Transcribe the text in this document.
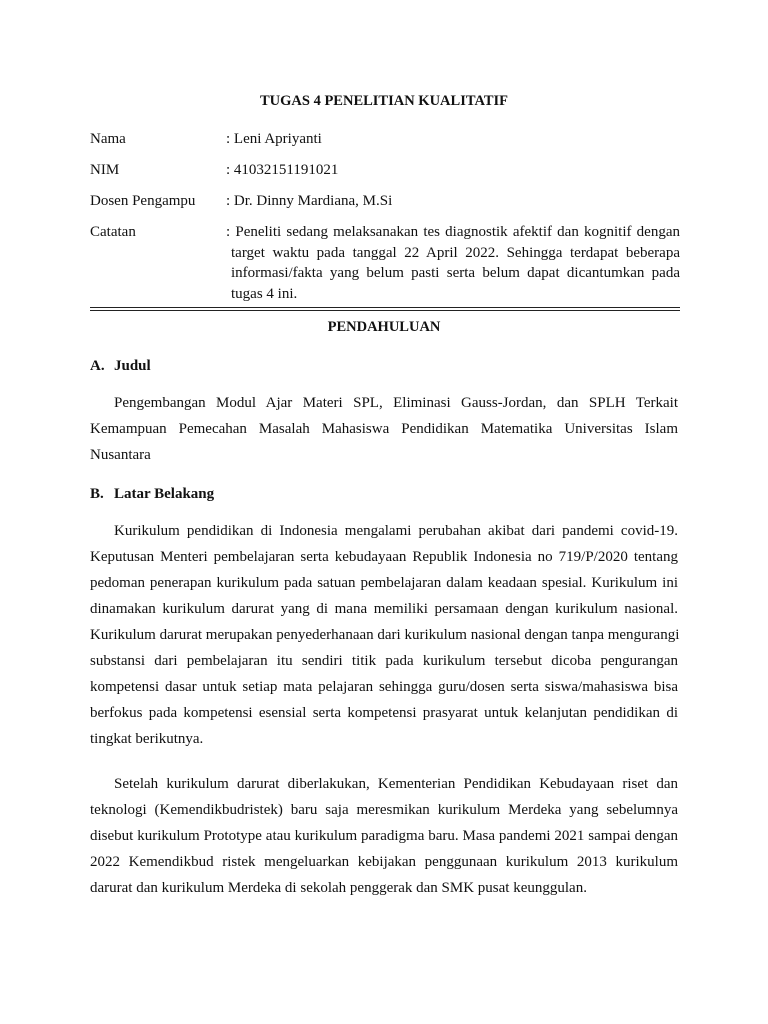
TUGAS 4 PENELITIAN KUALITATIF
Nama	: Leni Apriyanti
NIM	: 41032151191021
Dosen Pengampu : Dr. Dinny Mardiana, M.Si
Catatan	: Peneliti sedang melaksanakan tes diagnostik afektif dan kognitif dengan
target waktu pada tanggal 22 April 2022. Sehingga terdapat beberapa
informasi/fakta yang belum pasti serta belum dapat dicantumkan pada
tugas 4 ini.
PENDAHULUAN
A. Judul
Pengembangan Modul Ajar Materi SPL, Eliminasi Gauss-Jordan, dan SPLH Terkait
Kemampuan Pemecahan Masalah Mahasiswa Pendidikan Matematika Universitas Islam
Nusantara
B. Latar Belakang
Kurikulum pendidikan di Indonesia mengalami perubahan akibat dari pandemi covid-19.
Keputusan Menteri pembelajaran serta kebudayaan Republik Indonesia no 719/P/2020 tentang
pedoman penerapan kurikulum pada satuan pembelajaran dalam keadaan spesial. Kurikulum ini
dinamakan kurikulum darurat yang di mana memiliki persamaan dengan kurikulum nasional.
Kurikulum darurat merupakan penyederhanaan dari kurikulum nasional dengan tanpa mengurangi
substansi dari pembelajaran itu sendiri titik pada kurikulum tersebut dicoba pengurangan
kompetensi dasar untuk setiap mata pelajaran sehingga guru/dosen serta siswa/mahasiswa bisa
berfokus pada kompetensi esensial serta kompetensi prasyarat untuk kelanjutan pendidikan di
tingkat berikutnya.
Setelah kurikulum darurat diberlakukan, Kementerian Pendidikan Kebudayaan riset dan
teknologi (Kemendikbudristek) baru saja meresmikan kurikulum Merdeka yang sebelumnya
disebut kurikulum Prototype atau kurikulum paradigma baru. Masa pandemi 2021 sampai dengan
2022 Kemendikbud ristek mengeluarkan kebijakan penggunaan kurikulum 2013 kurikulum
darurat dan kurikulum Merdeka di sekolah penggerak dan SMK pusat keunggulan.
